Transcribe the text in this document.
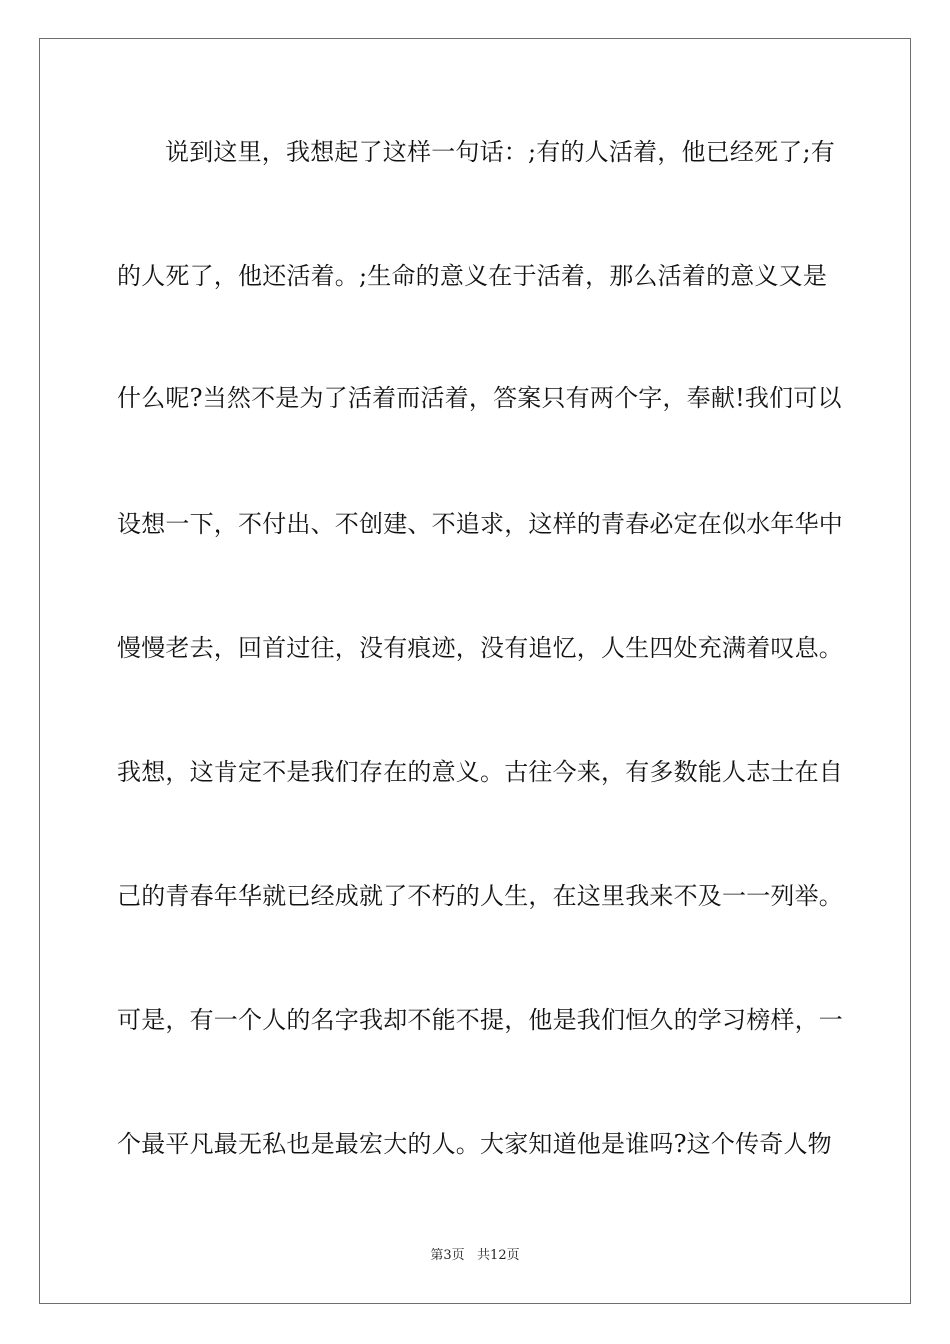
说到这里，我想起了这样一句话：;有的人活着，他已经死了;有
的人死了，他还活着。;生命的意义在于活着，那么活着的意义又是
什么呢?当然不是为了活着而活着，答案只有两个字，奉献!我们可以
设想一下，不付出、不创建、不追求，这样的青春必定在似水年华中
慢慢老去，回首过往，没有痕迹，没有追忆，人生四处充满着叹息。
我想，这肯定不是我们存在的意义。古往今来，有多数能人志士在自
己的青春年华就已经成就了不朽的人生，在这里我来不及一一列举。
可是，有一个人的名字我却不能不提，他是我们恒久的学习榜样，一
个最平凡最无私也是最宏大的人。大家知道他是谁吗?这个传奇人物
第3页   共12页
